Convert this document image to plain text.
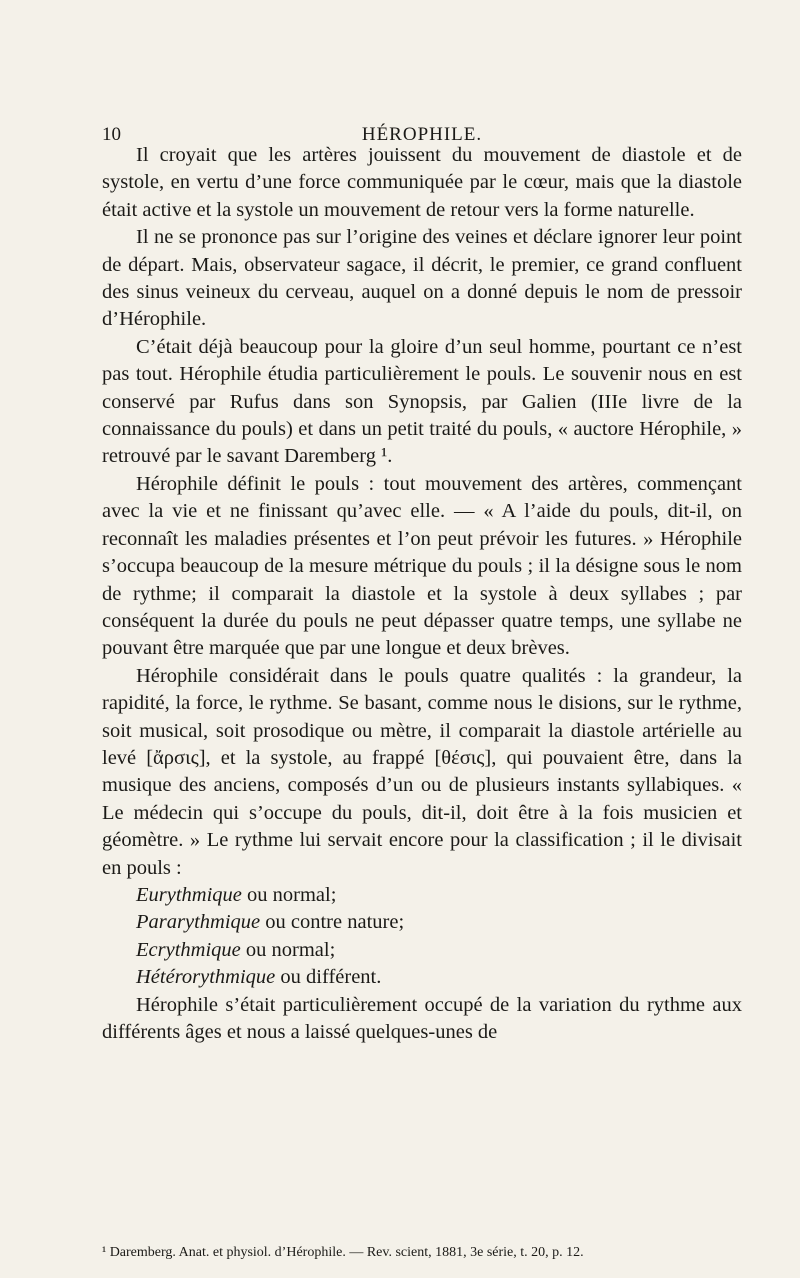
10	HÉROPHILE.

Il croyait que les artères jouissent du mouvement de diastole et de systole, en vertu d’une force communiquée par le cœur, mais que la diastole était active et la systole un mouvement de retour vers la forme naturelle.

Il ne se prononce pas sur l’origine des veines et déclare ignorer leur point de départ. Mais, observateur sagace, il décrit, le premier, ce grand confluent des sinus veineux du cerveau, auquel on a donné depuis le nom de pressoir d’Hérophile.

C’était déjà beaucoup pour la gloire d’un seul homme, pourtant ce n’est pas tout. Hérophile étudia particulièrement le pouls. Le souvenir nous en est conservé par Rufus dans son Synopsis, par Galien (IIIe livre de la connaissance du pouls) et dans un petit traité du pouls, « auctore Hérophile, » retrouvé par le savant Daremberg ¹.

Hérophile définit le pouls : tout mouvement des artères, commençant avec la vie et ne finissant qu’avec elle. — « A l’aide du pouls, dit-il, on reconnaît les maladies présentes et l’on peut prévoir les futures. » Hérophile s’occupa beaucoup de la mesure métrique du pouls ; il la désigne sous le nom de rythme; il comparait la diastole et la systole à deux syllabes ; par conséquent la durée du pouls ne peut dépasser quatre temps, une syllabe ne pouvant être marquée que par une longue et deux brèves.

Hérophile considérait dans le pouls quatre qualités : la grandeur, la rapidité, la force, le rythme. Se basant, comme nous le disions, sur le rythme, soit musical, soit prosodique ou mètre, il comparait la diastole artérielle au levé [ἄρσις], et la systole, au frappé [θέσις], qui pouvaient être, dans la musique des anciens, composés d’un ou de plusieurs instants syllabiques. « Le médecin qui s’occupe du pouls, dit-il, doit être à la fois musicien et géomètre. » Le rythme lui servait encore pour la classification ; il le divisait en pouls :

Eurythmique ou normal;
Pararythmique ou contre nature;
Ecrythmique ou normal;
Hétérorythmique ou différent.

Hérophile s’était particulièrement occupé de la variation du rythme aux différents âges et nous a laissé quelques-unes de

¹ Daremberg. Anat. et physiol. d’Hérophile. — Rev. scient, 1881, 3e série, t. 20, p. 12.
